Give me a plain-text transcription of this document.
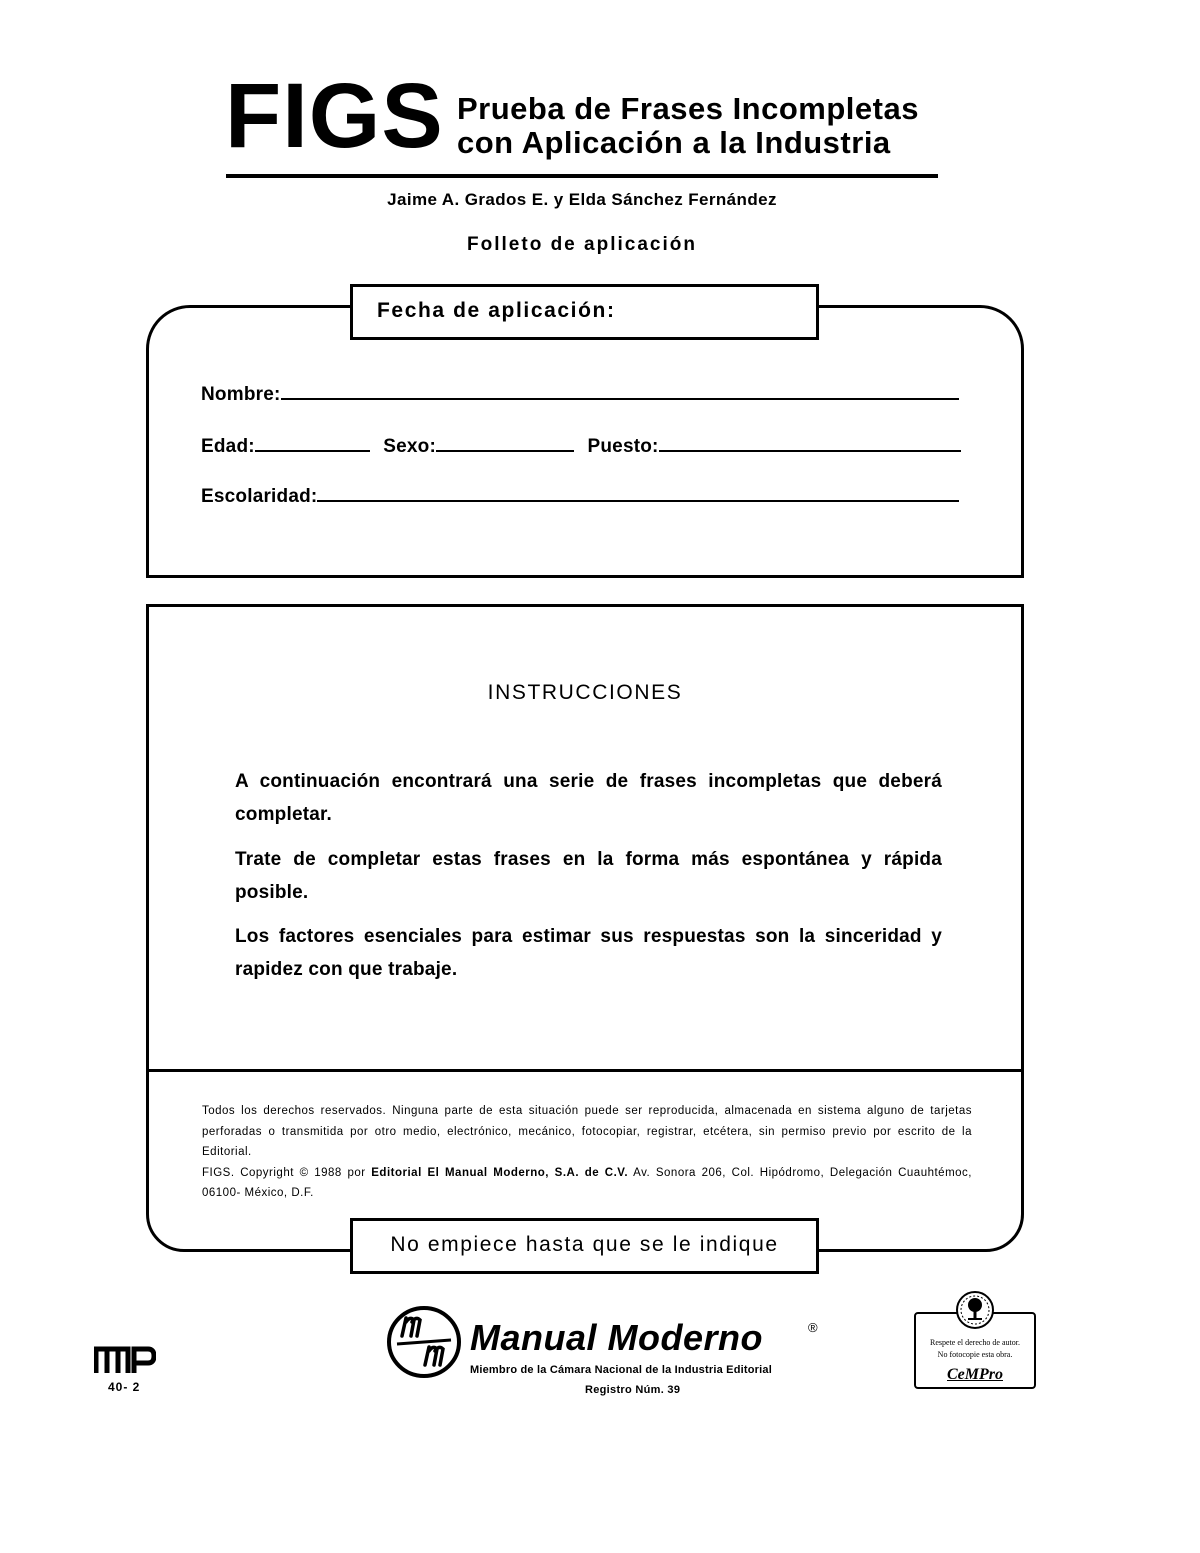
FIGS Prueba de Frases Incompletas
con Aplicación a la Industria
Jaime A. Grados E. y Elda Sánchez Fernández
Folleto de aplicación
Fecha de aplicación:
Nombre:
Edad:	Sexo:	Puesto:
Escolaridad:
INSTRUCCIONES
A continuación encontrará una serie de frases incompletas que deberá completar.
Trate de completar estas frases en la forma más espontánea y rápida posible.
Los factores esenciales para estimar sus respuestas son la sinceridad y rapidez con que trabaje.
Todos los derechos reservados. Ninguna parte de esta situación puede ser reproducida, almacenada en sistema alguno de tarjetas perforadas o transmitida por otro medio, electrónico, mecánico, fotocopiar, registrar, etcétera, sin permiso previo por escrito de la Editorial.
FIGS. Copyright © 1988 por Editorial El Manual Moderno, S.A. de C.V. Av. Sonora 206, Col. Hipódromo, Delegación Cuauhtémoc, 06100- México, D.F.
No empiece hasta que se le indique
40- 2
Manual Moderno	®
Miembro de la Cámara Nacional de la Industria Editorial
Registro Núm. 39
Respete el derecho de autor.
No fotocopie esta obra.
CeMPro
